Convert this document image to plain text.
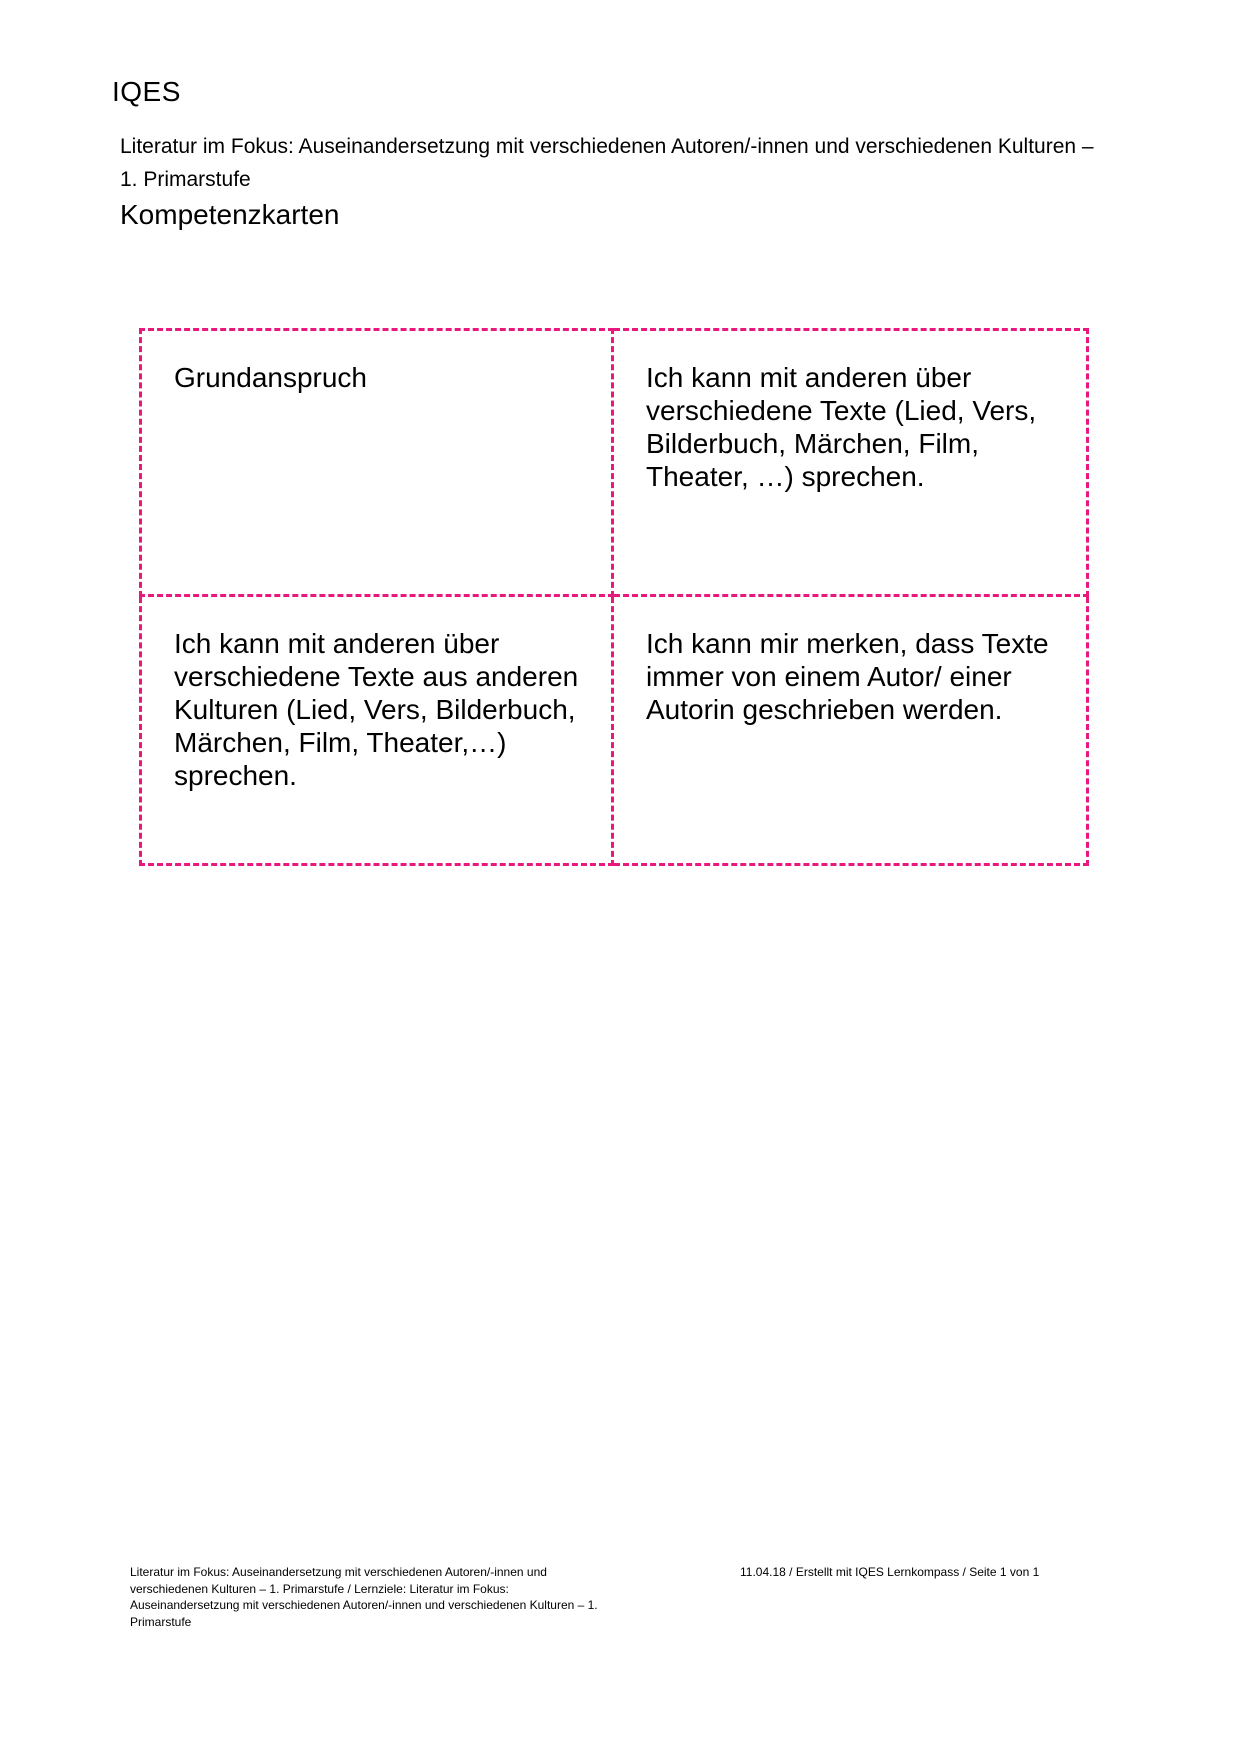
IQES
Literatur im Fokus: Auseinandersetzung mit verschiedenen Autoren/-innen und verschiedenen Kulturen – 1. Primarstufe
Kompetenzkarten
Grundanspruch	Ich kann mit anderen über verschiedene Texte (Lied, Vers, Bilderbuch, Märchen, Film, Theater, …) sprechen.
Ich kann mit anderen über verschiedene Texte aus anderen Kulturen (Lied, Vers, Bilderbuch, Märchen, Film, Theater,…) sprechen.
Ich kann mir merken, dass Texte immer von einem Autor/ einer Autorin geschrieben werden.
Literatur im Fokus: Auseinandersetzung mit verschiedenen Autoren/-innen und verschiedenen Kulturen – 1. Primarstufe / Lernziele: Literatur im Fokus: Auseinandersetzung mit verschiedenen Autoren/-innen und verschiedenen Kulturen – 1. Primarstufe
11.04.18 / Erstellt mit IQES Lernkompass / Seite 1 von 1
